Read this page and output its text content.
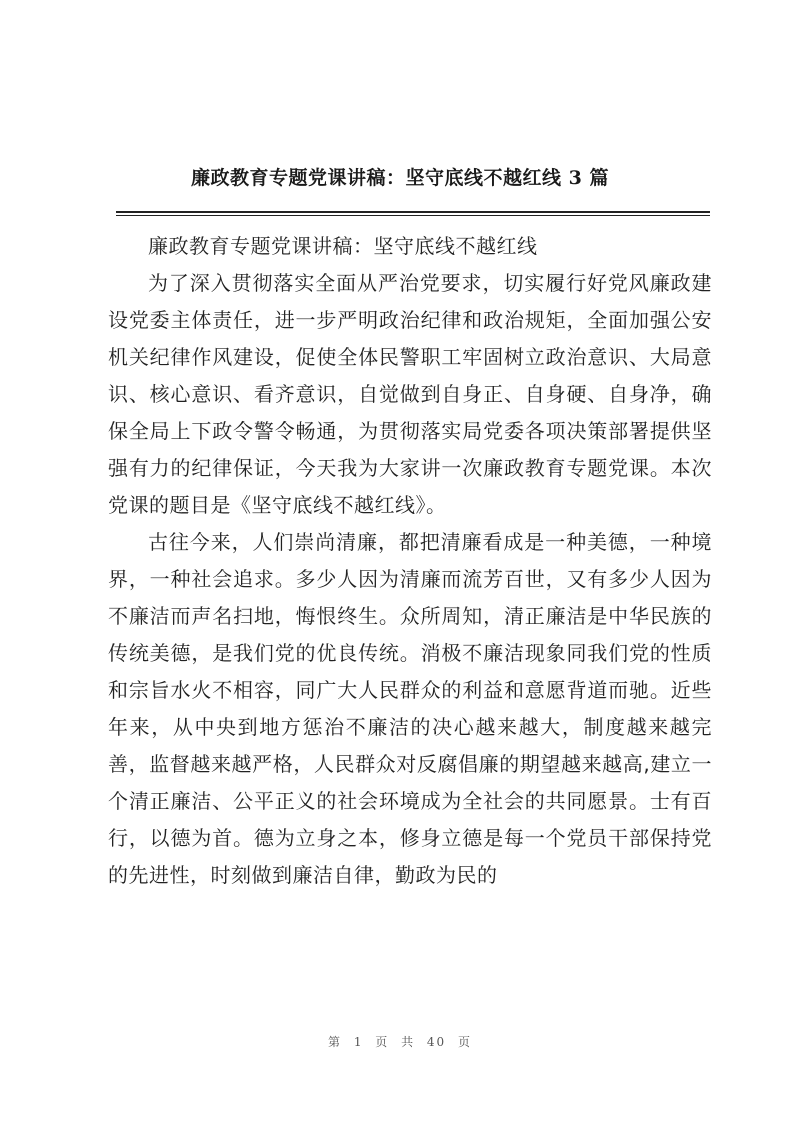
廉政教育专题党课讲稿：坚守底线不越红线 3 篇

廉政教育专题党课讲稿：坚守底线不越红线

为了深入贯彻落实全面从严治党要求，切实履行好党风廉政建设党委主体责任，进一步严明政治纪律和政治规矩，全面加强公安机关纪律作风建设，促使全体民警职工牢固树立政治意识、大局意识、核心意识、看齐意识，自觉做到自身正、自身硬、自身净，确保全局上下政令警令畅通，为贯彻落实局党委各项决策部署提供坚强有力的纪律保证，今天我为大家讲一次廉政教育专题党课。本次党课的题目是《坚守底线不越红线》。

古往今来，人们崇尚清廉，都把清廉看成是一种美德，一种境界，一种社会追求。多少人因为清廉而流芳百世，又有多少人因为不廉洁而声名扫地，悔恨终生。众所周知，清正廉洁是中华民族的传统美德，是我们党的优良传统。消极不廉洁现象同我们党的性质和宗旨水火不相容，同广大人民群众的利益和意愿背道而驰。近些年来，从中央到地方惩治不廉洁的决心越来越大，制度越来越完善，监督越来越严格，人民群众对反腐倡廉的期望越来越高,建立一个清正廉洁、公平正义的社会环境成为全社会的共同愿景。士有百行，以德为首。德为立身之本，修身立德是每一个党员干部保持党的先进性，时刻做到廉洁自律，勤政为民的

第 1 页 共 40 页
